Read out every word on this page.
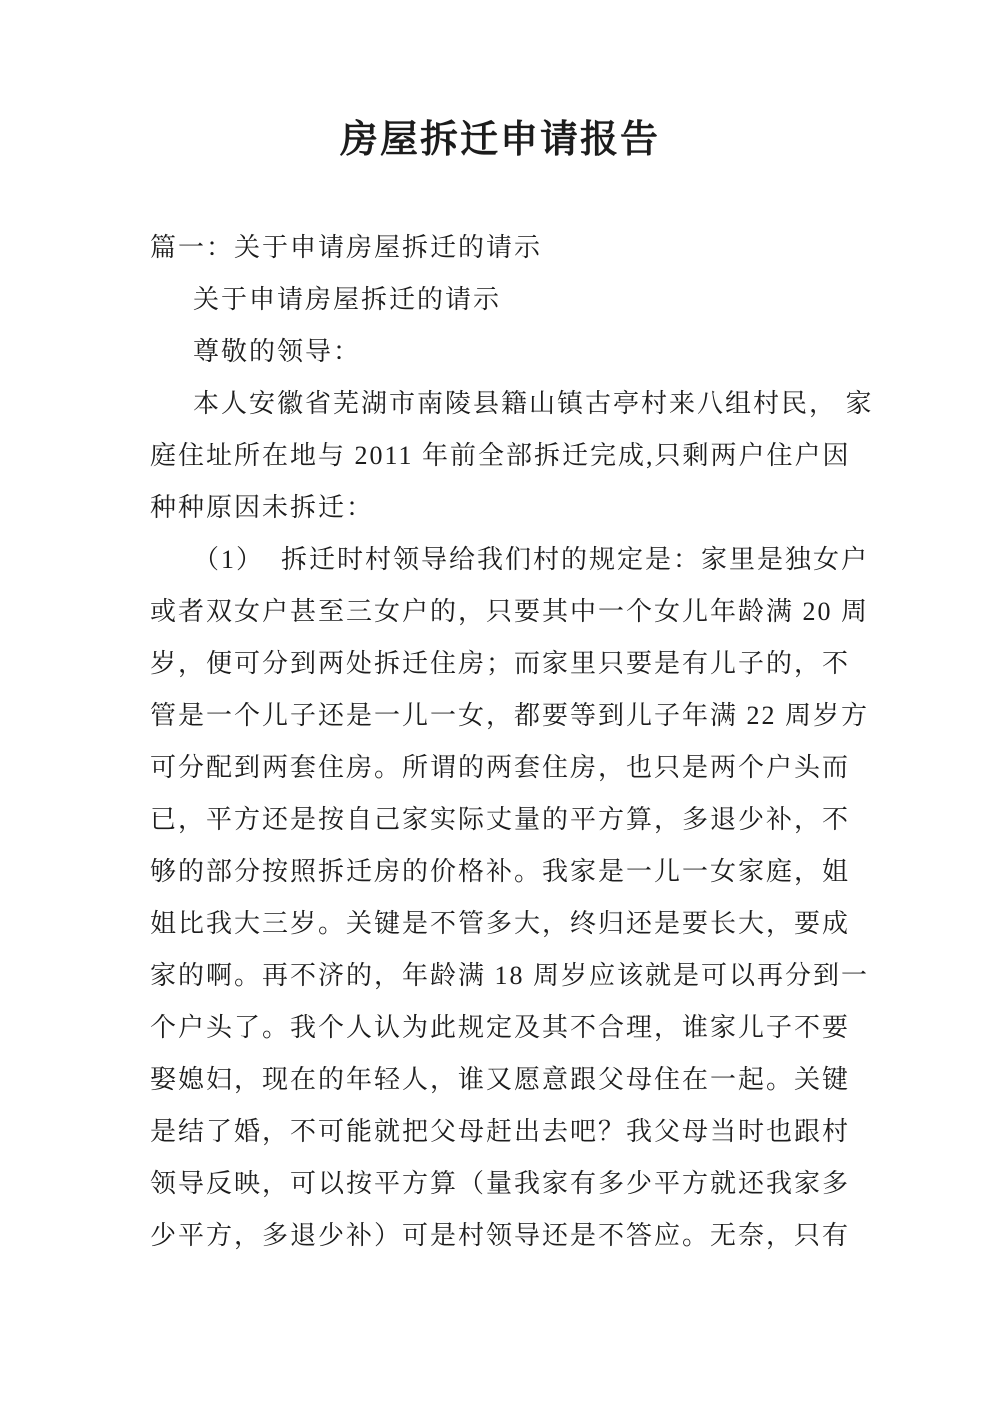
房屋拆迁申请报告
篇一：关于申请房屋拆迁的请示
关于申请房屋拆迁的请示
尊敬的领导：
本人安徽省芜湖市南陵县籍山镇古亭村来八组村民， 家
庭住址所在地与 2011 年前全部拆迁完成,只剩两户住户因
种种原因未拆迁：
（1）  拆迁时村领导给我们村的规定是：家里是独女户
或者双女户甚至三女户的，只要其中一个女儿年龄满 20 周
岁，便可分到两处拆迁住房；而家里只要是有儿子的，不
管是一个儿子还是一儿一女，都要等到儿子年满 22 周岁方
可分配到两套住房。所谓的两套住房，也只是两个户头而
已，平方还是按自己家实际丈量的平方算，多退少补，不
够的部分按照拆迁房的价格补。我家是一儿一女家庭，姐
姐比我大三岁。关键是不管多大，终归还是要长大，要成
家的啊。再不济的，年龄满 18 周岁应该就是可以再分到一
个户头了。我个人认为此规定及其不合理，谁家儿子不要
娶媳妇，现在的年轻人，谁又愿意跟父母住在一起。关键
是结了婚，不可能就把父母赶出去吧？我父母当时也跟村
领导反映，可以按平方算（量我家有多少平方就还我家多
少平方，多退少补）可是村领导还是不答应。无奈，只有
